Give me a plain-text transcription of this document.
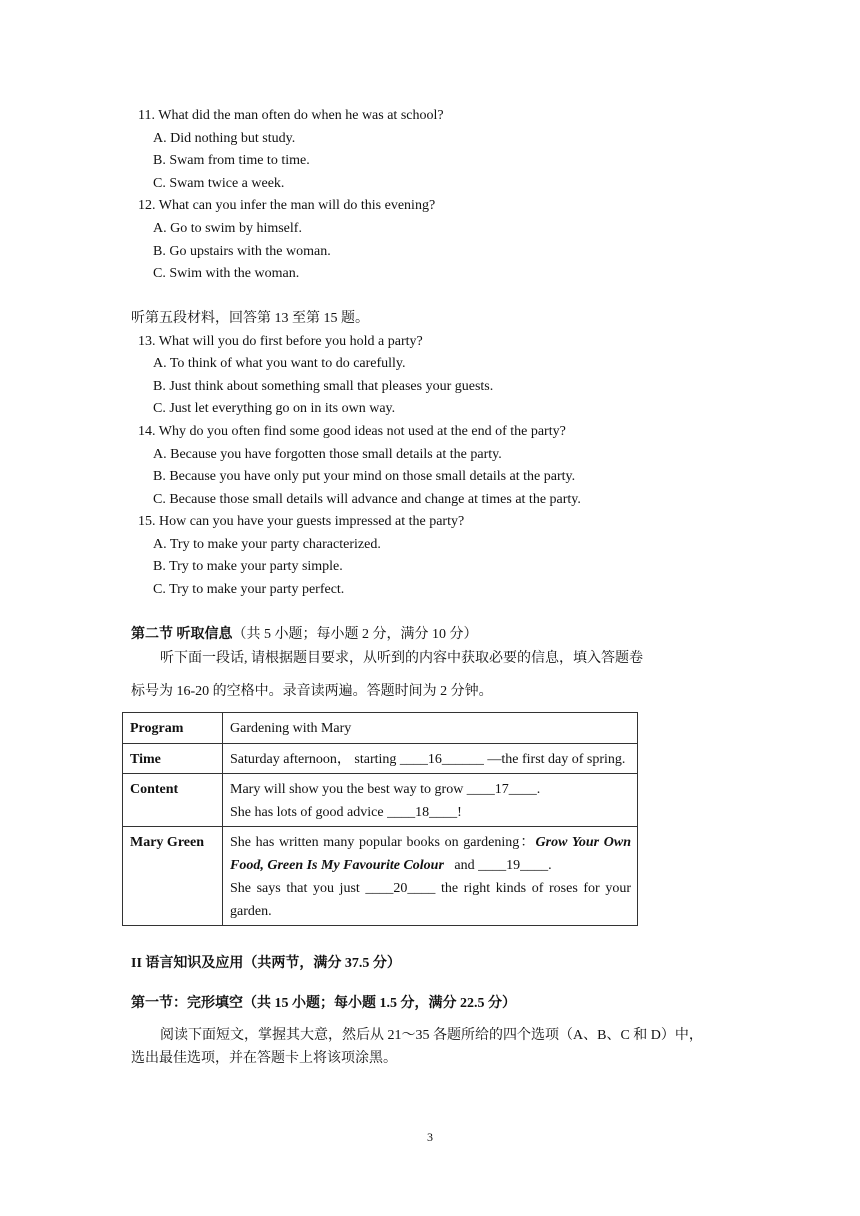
11. What did the man often do when he was at school?
A. Did nothing but study.
B. Swam from time to time.
C. Swam twice a week.
12. What can you infer the man will do this evening?
A. Go to swim by himself.
B. Go upstairs with the woman.
C. Swim with the woman.
听第五段材料，回答第 13 至第 15 题。
13. What will you do first before you hold a party?
A. To think of what you want to do carefully.
B. Just think about something small that pleases your guests.
C. Just let everything go on in its own way.
14. Why do you often find some good ideas not used at the end of the party?
A. Because you have forgotten those small details at the party.
B. Because you have only put your mind on those small details at the party.
C. Because those small details will advance and change at times at the party.
15. How can you have your guests impressed at the party?
A. Try to make your party characterized.
B. Try to make your party simple.
C. Try to make your party perfect.
第二节 听取信息（共 5 小题；每小题 2 分，满分 10 分）
听下面一段话, 请根据题目要求，从听到的内容中获取必要的信息，填入答题卷
标号为 16-20 的空格中。录音读两遍。答题时间为 2 分钟。
Program	Gardening with Mary
Time	Saturday afternoon， starting ____16______ —the first day of spring.
Content	Mary will show you the best way to grow ____17____.
She has lots of good advice ____18____!

Mary Green	She has written many popular books on gardening：Grow Your Own Food, Green Is My Favourite Colour and ____19____.
She says that you just ____20____ the right kinds of roses for your garden.
II 语言知识及应用（共两节，满分 37.5 分）
第一节：完形填空（共 15 小题；每小题 1.5 分，满分 22.5 分）
阅读下面短文，掌握其大意，然后从 21～35 各题所给的四个选项（A、B、C 和 D）中，
选出最佳选项，并在答题卡上将该项涂黑。
3
